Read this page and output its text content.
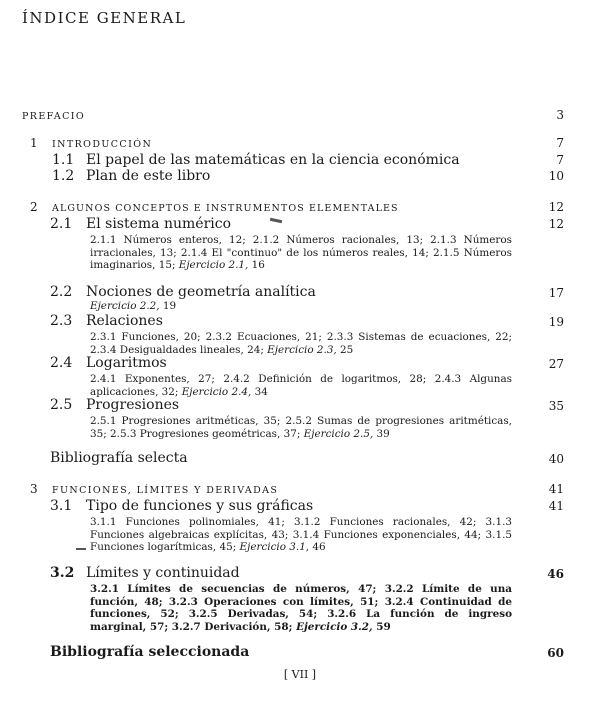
ÍNDICE GENERAL
PREFACIO	3
1 INTRODUCCIÓN	7
1.1 El papel de las matemáticas en la ciencia económica	7
1.2 Plan de este libro	10
2 ALGUNOS CONCEPTOS E INSTRUMENTOS ELEMENTALES	12
2.1 El sistema numérico	12
2.1.1 Números enteros, 12; 2.1.2 Números racionales, 13; 2.1.3 Números irracionales, 13; 2.1.4 El "continuo" de los números reales, 14; 2.1.5 Números imaginarios, 15; Ejercicio 2.1, 16
2.2 Nociones de geometría analítica	17
Ejercicio 2.2, 19
2.3 Relaciones	19
2.3.1 Funciones, 20; 2.3.2 Ecuaciones, 21; 2.3.3 Sistemas de ecuaciones, 22; 2.3.4 Desigualdades lineales, 24; Ejercicio 2.3, 25
2.4 Logaritmos	27
2.4.1 Exponentes, 27; 2.4.2 Definición de logaritmos, 28; 2.4.3 Algunas aplicaciones, 32; Ejercicio 2.4, 34
2.5 Progresiones	35
2.5.1 Progresiones aritméticas, 35; 2.5.2 Sumas de progresiones aritméticas, 35; 2.5.3 Progresiones geométricas, 37; Ejercicio 2.5, 39
Bibliografía selecta	40
3 FUNCIONES, LÍMITES Y DERIVADAS	41
3.1 Tipo de funciones y sus gráficas	41
3.1.1 Funciones polinomiales, 41; 3.1.2 Funciones racionales, 42; 3.1.3 Funciones algebraicas explícitas, 43; 3.1.4 Funciones exponenciales, 44; 3.1.5 Funciones logarítmicas, 45; Ejercicio 3.1, 46
3.2 Límites y continuidad	46
3.2.1 Límites de secuencias de números, 47; 3.2.2 Límite de una función, 48; 3.2.3 Operaciones con límites, 51; 3.2.4 Continuidad de funciones, 52; 3.2.5 Derivadas, 54; 3.2.6 La función de ingreso marginal, 57; 3.2.7 Derivación, 58; Ejercicio 3.2, 59
Bibliografía seleccionada	60
[ VII ]
